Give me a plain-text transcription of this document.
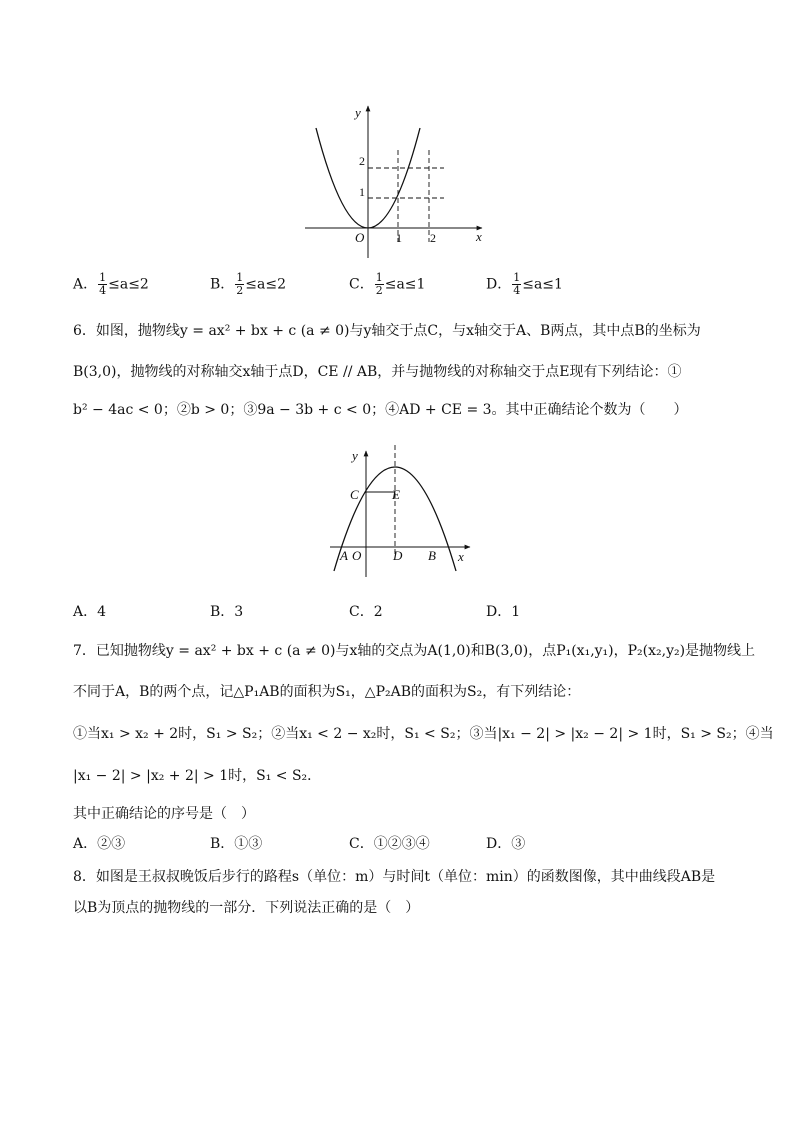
y
x
O	1 2
2
1
A． $\frac{1}{4} \le a\le 2$	B． $\frac{1}{2} \le a\le 2$	C． $\frac{1}{2} \le a\le 1$	D． $\frac{1}{4} \le a\le 1$
6．如图，抛物线y = ax² + bx + c (a ≠ 0)与y轴交于点C，与x轴交于A、B两点，其中点B的坐标为
B(3,0)，抛物线的对称轴交x轴于点D，CE // AB，并与抛物线的对称轴交于点E现有下列结论：①
b² − 4ac < 0；②b > 0；③9a − 3b + c < 0；④AD + CE = 3。其中正确结论个数为（　　）
y
x
C	E
A O D B
A．4	B．3	C．2	D．1
7．已知抛物线y = ax² + bx + c (a ≠ 0)与x轴的交点为A(1,0)和B(3,0)，点P₁(x₁,y₁)，P₂(x₂,y₂)是抛物线上
不同于A，B的两个点，记△P₁AB的面积为S₁，△P₂AB的面积为S₂，有下列结论：
①当x₁ > x₂ + 2时，S₁ > S₂；②当x₁ < 2 − x₂时，S₁ < S₂；③当|x₁ − 2| > |x₂ − 2| > 1时，S₁ > S₂；④当
|x₁ − 2| > |x₂ + 2| > 1时，S₁ < S₂．
其中正确结论的序号是（　）
A．②③	B．①③	C．①②③④	D．③
8．如图是王叔叔晚饭后步行的路程s（单位：m）与时间t（单位：min）的函数图像，其中曲线段AB是
以B为顶点的抛物线的一部分．下列说法正确的是（　）
